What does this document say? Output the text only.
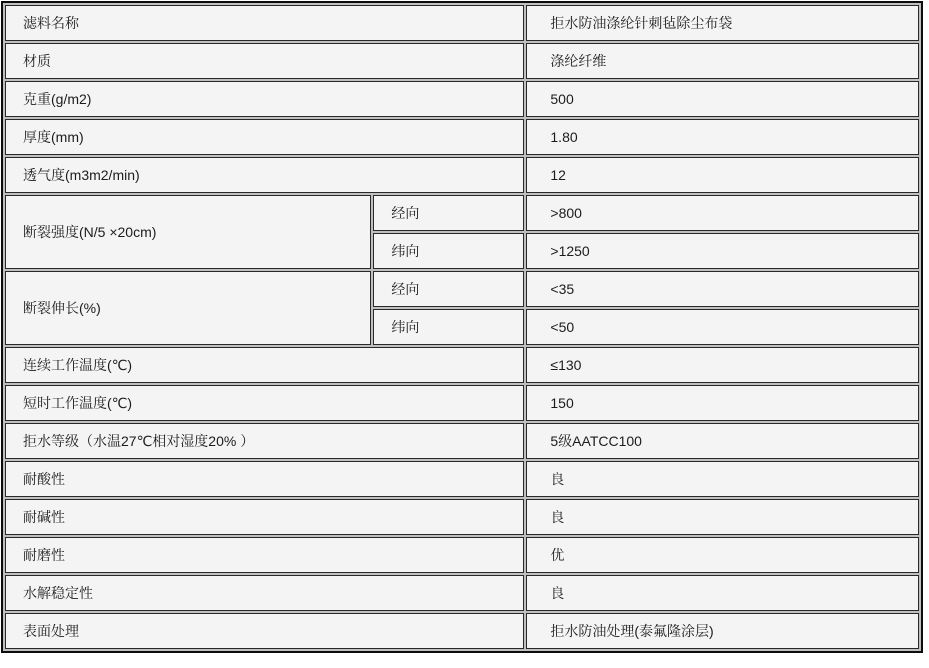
滤料名称		拒水防油涤纶针刺毡除尘布袋
材质		涤纶纤维
克重(g/m2)		500
厚度(mm)		1.80
透气度(m3m2/min)		12
断裂强度(N/5 ×20cm)	经向	>800
	纬向	>1250
断裂伸长(%)	经向	<35
	纬向	<50
连续工作温度(℃)		≤130
短时工作温度(℃)		150
拒水等级（水温27℃相对湿度20% ）		5级AATCC100
耐酸性		良
耐碱性		良
耐磨性		优
水解稳定性		良
表面处理		拒水防油处理(泰氟隆涂层)
